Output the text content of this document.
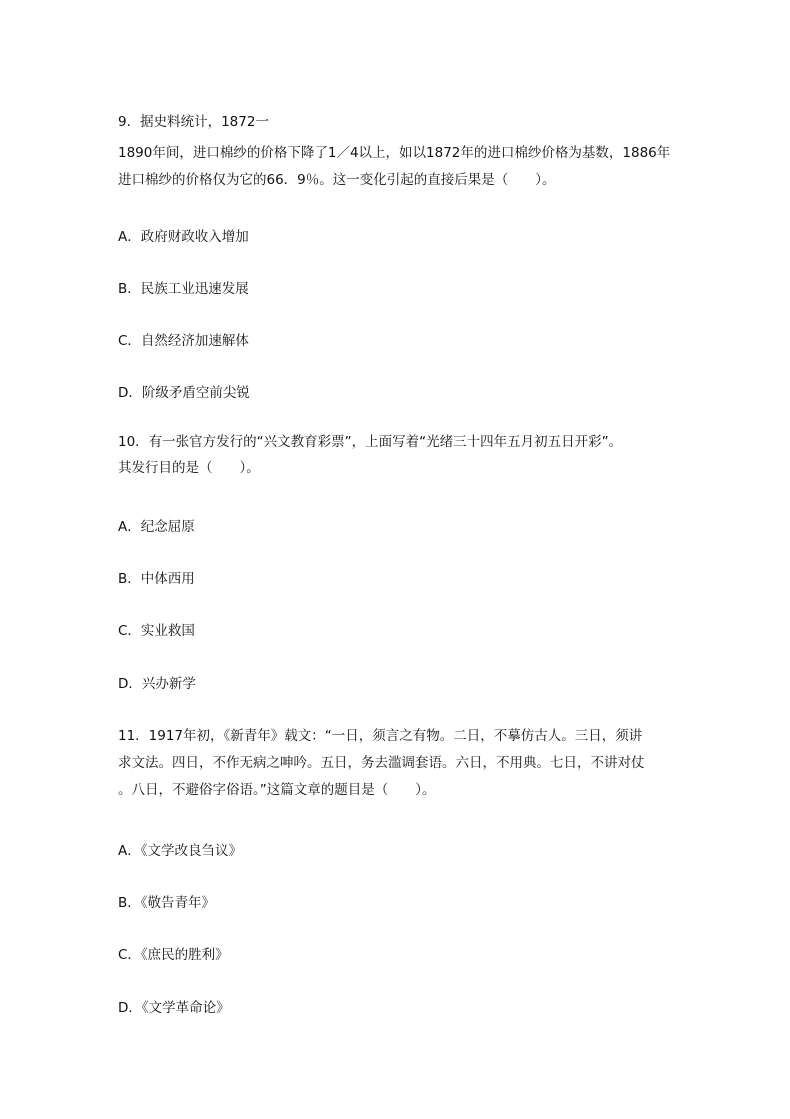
9．据史料统计，1872一
1890年间，进口棉纱的价格下降了1／4以上，如以1872年的进口棉纱价格为基数，1886年
进口棉纱的价格仅为它的66．9％。这一变化引起的直接后果是（　　）。
A．政府财政收入增加
B．民族工业迅速发展
C．自然经济加速解体
D．阶级矛盾空前尖锐
10．有一张官方发行的“兴文教育彩票”，上面写着“光绪三十四年五月初五日开彩”。
其发行目的是（　　）。
A．纪念屈原
B．中体西用
C．实业救国
D．兴办新学
11．1917年初，《新青年》载文：“一日，须言之有物。二日，不摹仿古人。三日，须讲
求文法。四日，不作无病之呻吟。五日，务去滥调套语。六日，不用典。七日，不讲对仗
。八日，不避俗字俗语。”这篇文章的题目是（　　）。
A．《文学改良刍议》
B．《敬告青年》
C．《庶民的胜利》
D．《文学革命论》
